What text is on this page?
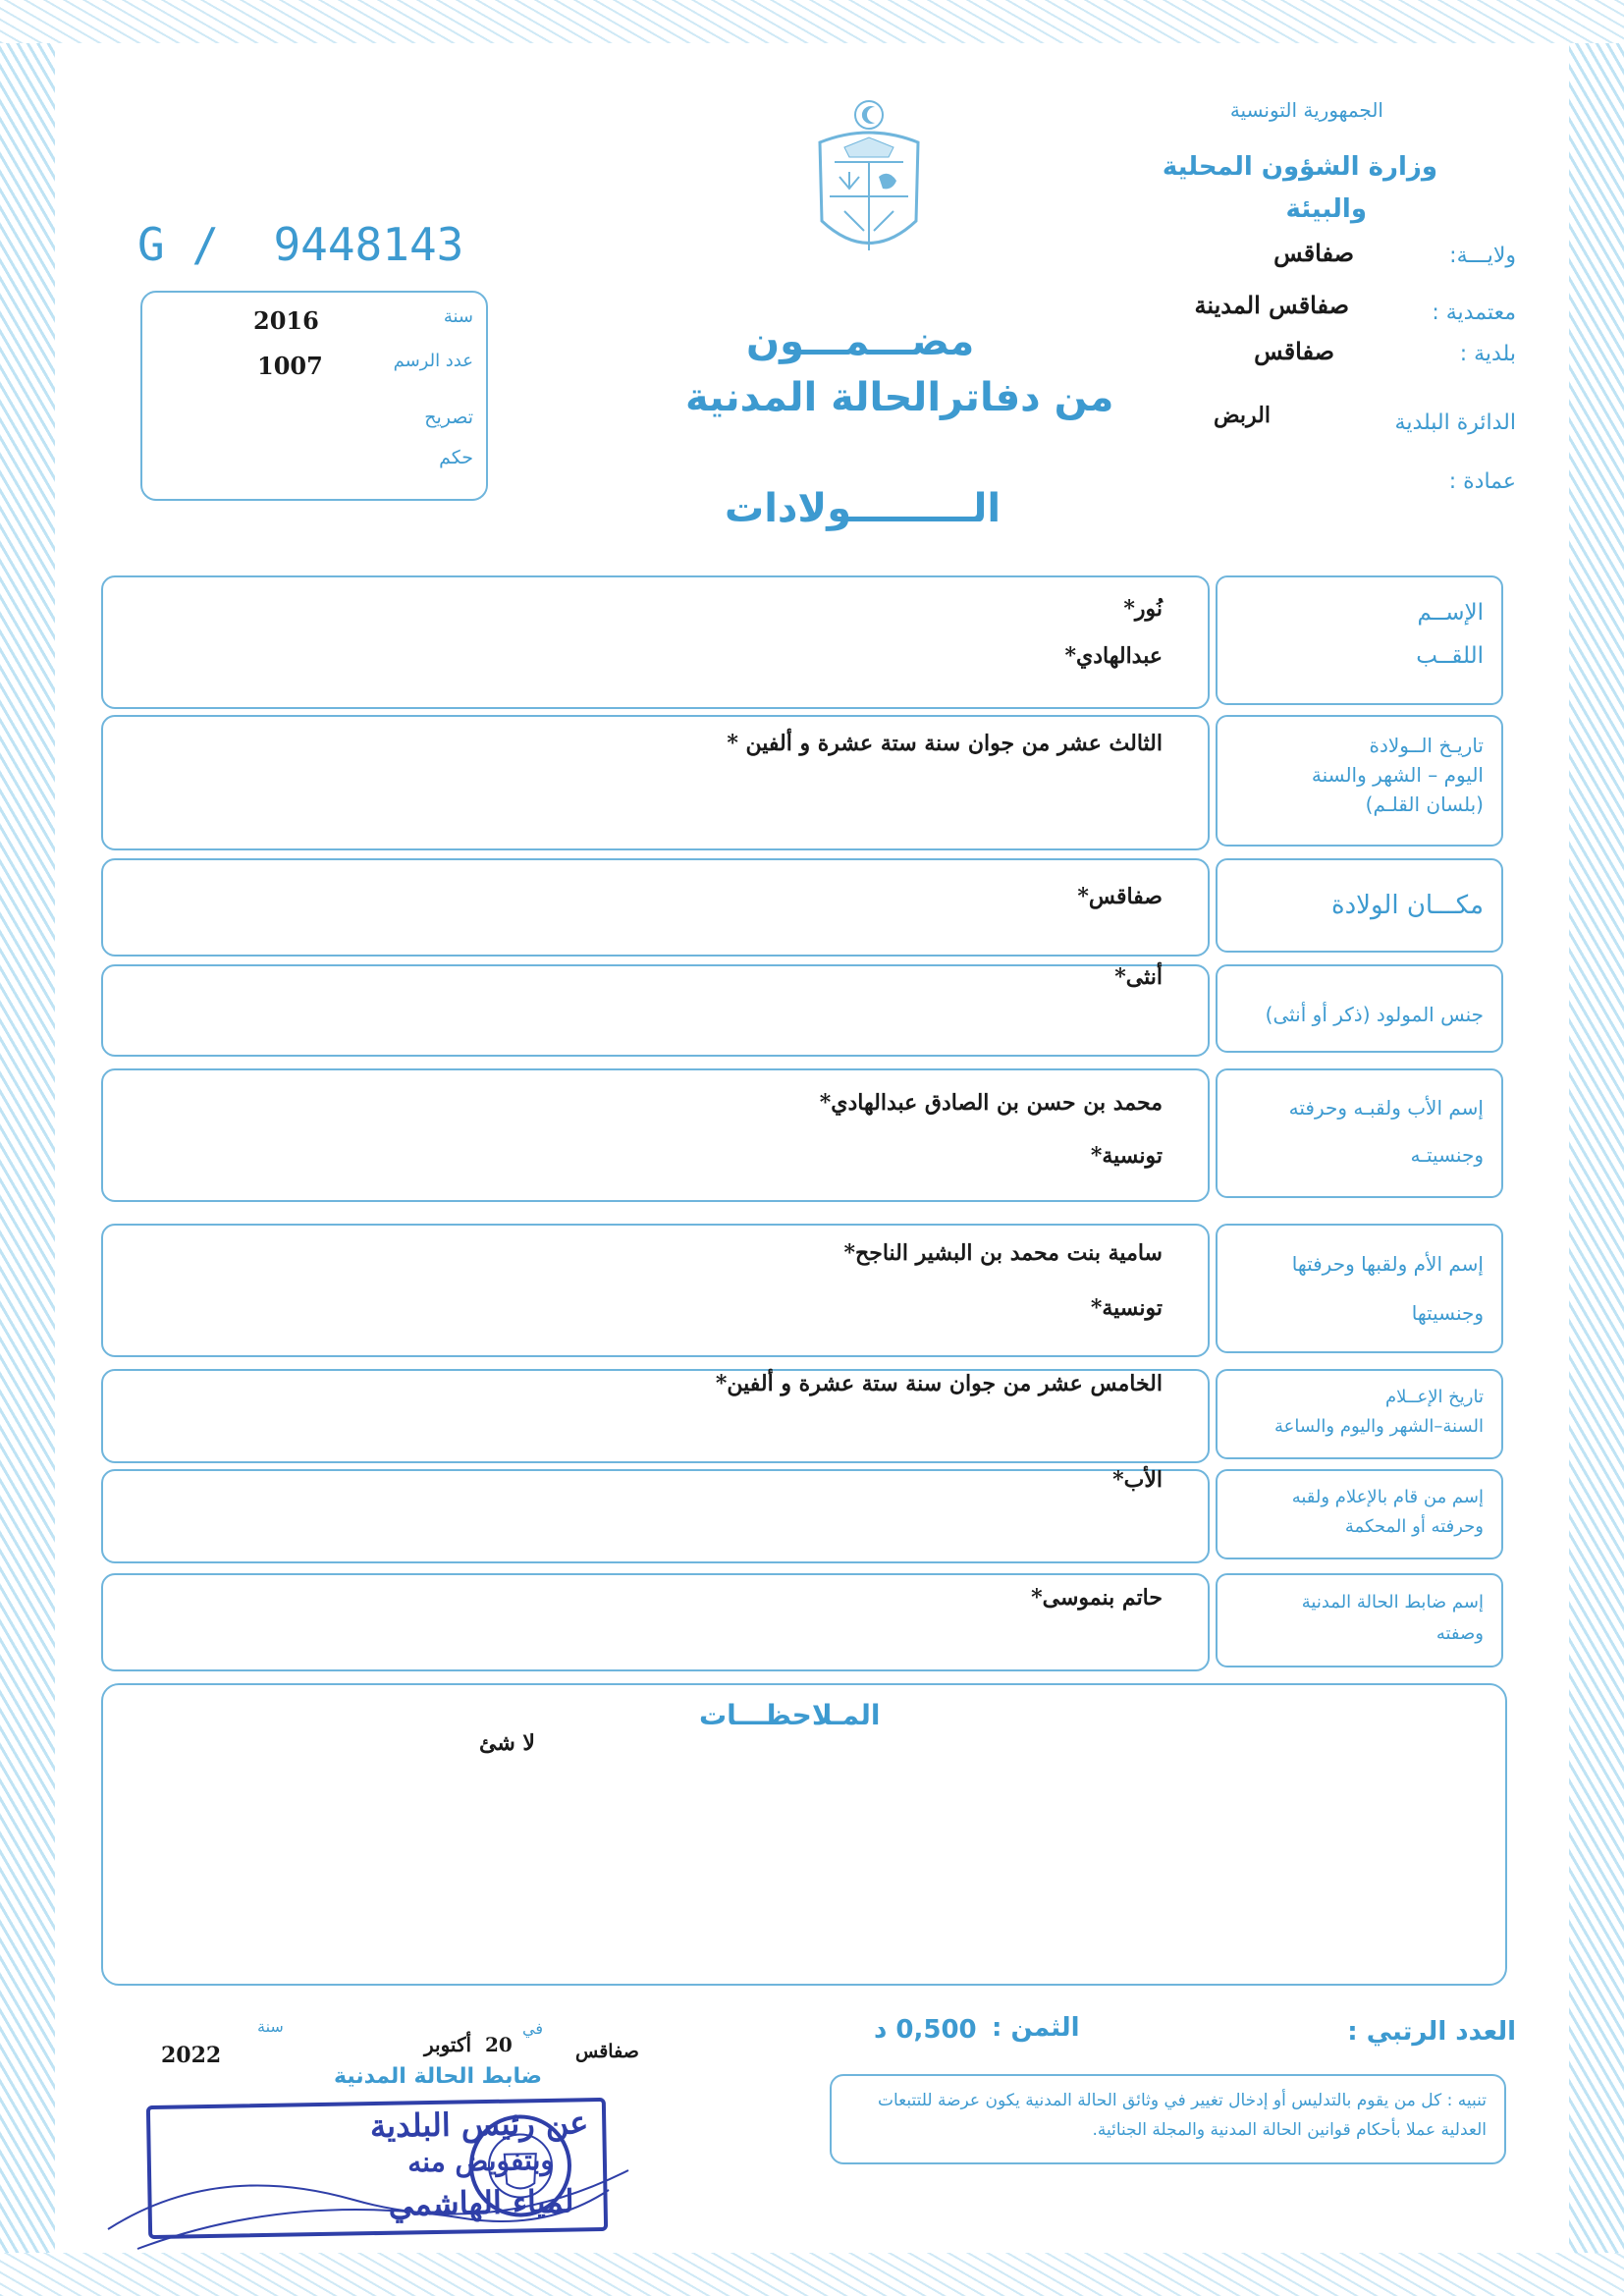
الجمهورية التونسية
وزارة الشؤون المحلية
والبيئة
ولايـــة:
صفاقس
معتمدية :
صفاقس المدينة
بلدية :
صفاقس
الدائرة البلدية
الربض
عمادة :
G /  9448143
سنة
2016
عدد الرسم
1007
تصريح
حكم
مضـــمـــون
من دفاترالحالة المدنية
الـــــــــولادات
الإســم
اللقــب
نُور*
عبدالهادي*
تاريـخ الــولادة
اليوم – الشهر والسنة
(بلسان القلـم)
الثالث عشر من جوان سنة ستة عشرة و ألفين *
مكـــان الولادة
صفاقس*
جنس المولود (ذكر أو أنثى)
أنثى*
إسم الأب ولقبـه وحرفته
وجنسيتـه
محمد بن حسن بن الصادق عبدالهادي*
تونسية*
إسم الأم ولقبها وحرفتها
وجنسيتها
سامية بنت محمد بن البشير الناجح*
تونسية*
تاريخ الإعــلام
السنة–الشهر واليوم والساعة
الخامس عشر من جوان سنة ستة عشرة و ألفين*
إسم من قام بالإعلام ولقبه
وحرفته أو المحكمة
الأب*
إسم ضابط الحالة المدنية
وصفته
حاتم بنموسى*
المـلاحظـــات
لا شئ
العدد الرتبي :
الثمن :
0,500 د
صفاقس
في
20
أكتوبر
سنة
2022
ضابط الحالة المدنية
تنبيه : كل من يقوم بالتدليس أو إدخال تغيير في وثائق الحالة المدنية يكون عرضة للتتبعات العدلية عملا بأحكام قوانين الحالة المدنية والمجلة الجنائية.
عن رئيس البلدية
وبتفويض منه
لمياء الهاشمي
